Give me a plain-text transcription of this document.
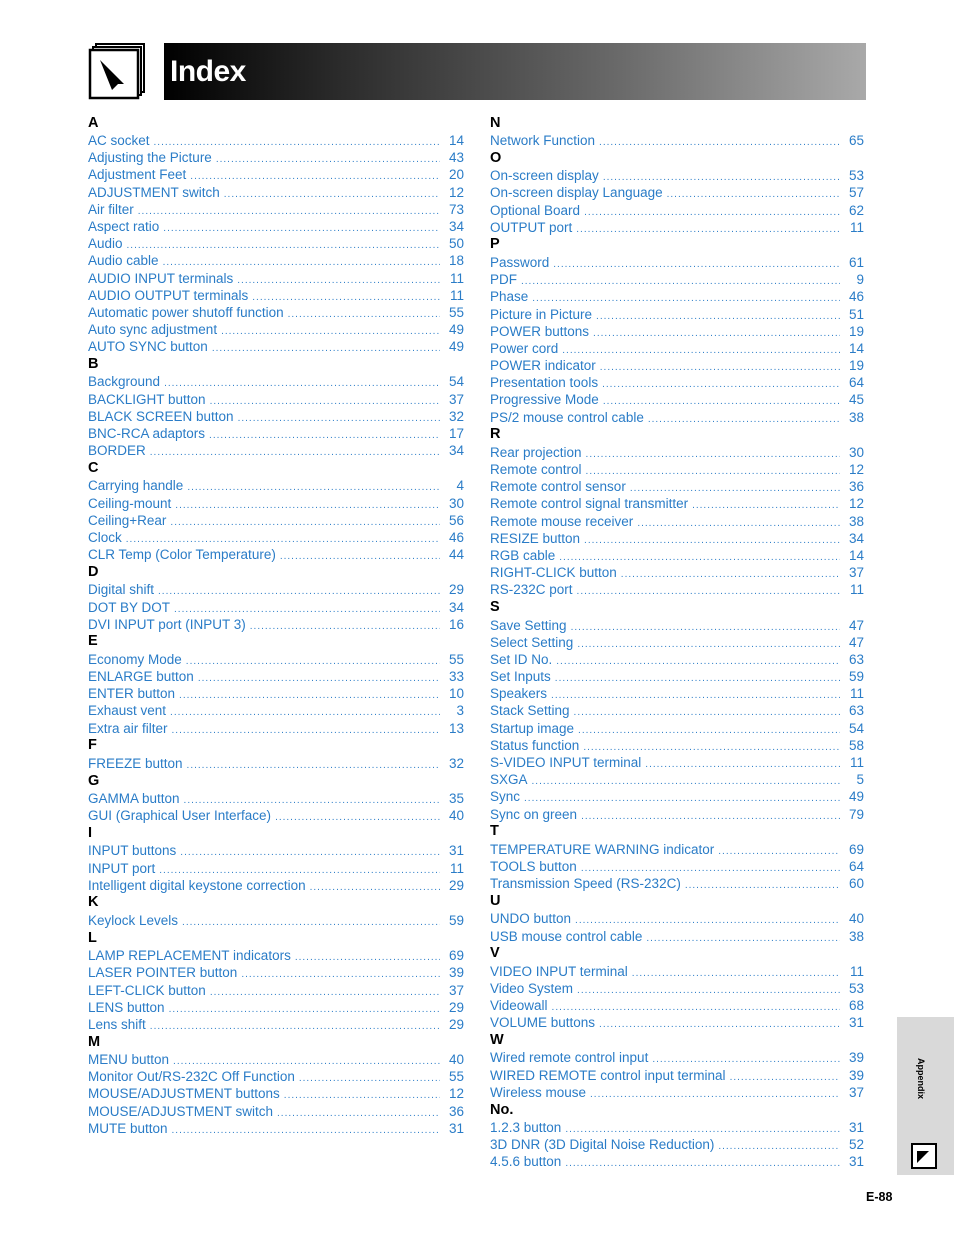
Index
A
AC socket .....	14
Adjusting the Picture .....	43
Adjustment Feet .....	20
ADJUSTMENT switch .....	12
Air filter .....	73
Aspect ratio .....	34
Audio .....	50
Audio cable .....	18
AUDIO INPUT terminals .....	11
AUDIO OUTPUT terminals .....	11
Automatic power shutoff function .....	55
Auto sync adjustment .....	49
AUTO SYNC button .....	49
B
Background .....	54
BACKLIGHT button .....	37
BLACK SCREEN button .....	32
BNC-RCA adaptors .....	17
BORDER .....	34
C
Carrying handle .....	4
Ceiling-mount .....	30
Ceiling+Rear .....	56
Clock .....	46
CLR Temp (Color Temperature) .....	44
D
Digital shift .....	29
DOT BY DOT .....	34
DVI INPUT port (INPUT 3) .....	16
E
Economy Mode .....	55
ENLARGE button .....	33
ENTER button .....	10
Exhaust vent .....	3
Extra air filter .....	13
F
FREEZE button .....	32
G
GAMMA button .....	35
GUI (Graphical User Interface) .....	40
I
INPUT buttons .....	31
INPUT port .....	11
Intelligent digital keystone correction .....	29
K
Keylock Levels .....	59
L
LAMP REPLACEMENT indicators .....	69
LASER POINTER button .....	39
LEFT-CLICK button .....	37
LENS button .....	29
Lens shift .....	29
M
MENU button .....	40
Monitor Out/RS-232C Off Function .....	55
MOUSE/ADJUSTMENT buttons .....	12
MOUSE/ADJUSTMENT switch .....	36
MUTE button .....	31
N
Network Function .....	65
O
On-screen display .....	53
On-screen display Language .....	57
Optional Board .....	62
OUTPUT port .....	11
P
Password .....	61
PDF .....	9
Phase .....	46
Picture in Picture .....	51
POWER buttons .....	19
Power cord .....	14
POWER indicator .....	19
Presentation tools .....	64
Progressive Mode .....	45
PS/2 mouse control cable .....	38
R
Rear projection .....	30
Remote control .....	12
Remote control sensor .....	36
Remote control signal transmitter .....	12
Remote mouse receiver .....	38
RESIZE button .....	34
RGB cable .....	14
RIGHT-CLICK button .....	37
RS-232C port .....	11
S
Save Setting .....	47
Select Setting .....	47
Set ID No. .....	63
Set Inputs .....	59
Speakers .....	11
Stack Setting .....	63
Startup image .....	54
Status function .....	58
S-VIDEO INPUT terminal .....	11
SXGA .....	5
Sync .....	49
Sync on green .....	79
T
TEMPERATURE WARNING indicator .....	69
TOOLS button .....	64
Transmission Speed (RS-232C) .....	60
U
UNDO button .....	40
USB mouse control cable .....	38
V
VIDEO INPUT terminal .....	11
Video System .....	53
Videowall .....	68
VOLUME buttons .....	31
W
Wired remote control input .....	39
WIRED REMOTE control input terminal .....	39
Wireless mouse .....	37
No.
1.2.3 button .....	31
3D DNR (3D Digital Noise Reduction) .....	52
4.5.6 button .....	31
Appendix
E-88
